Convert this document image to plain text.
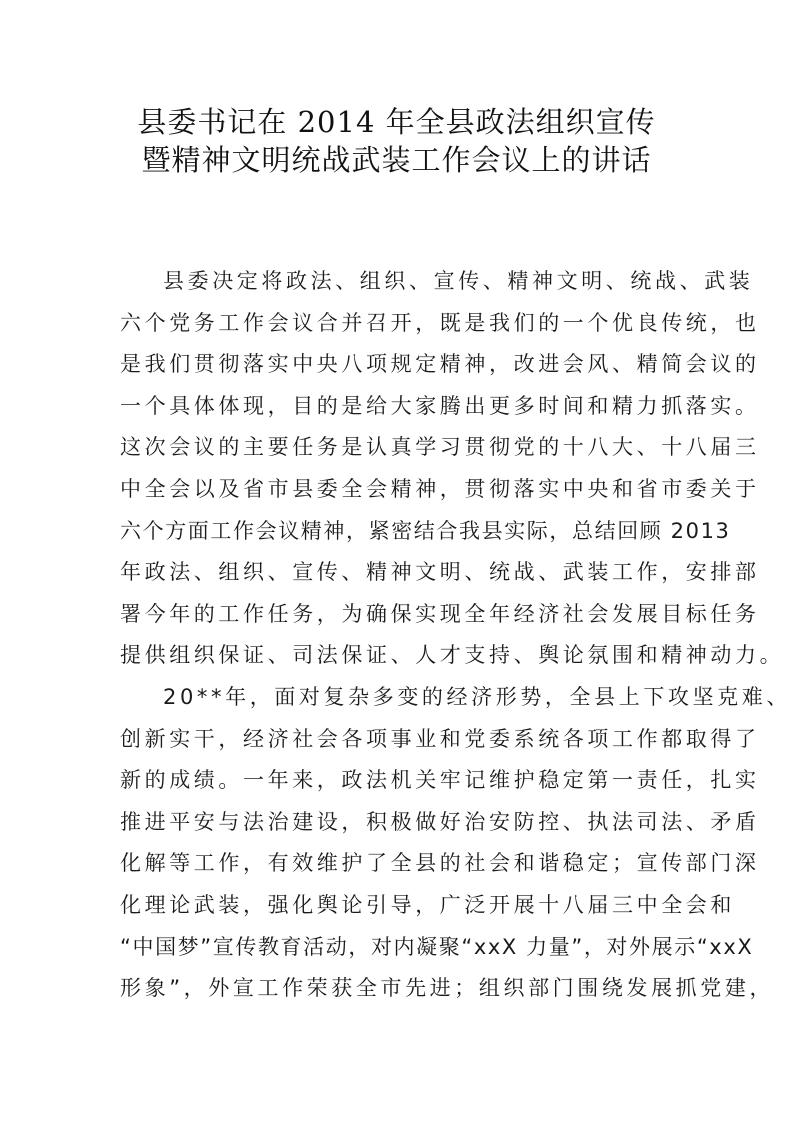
县委书记在 2014 年全县政法组织宣传
暨精神文明统战武装工作会议上的讲话
县委决定将政法、组织、宣传、精神文明、统战、武装
六个党务工作会议合并召开，既是我们的一个优良传统，也
是我们贯彻落实中央八项规定精神，改进会风、精简会议的
一个具体体现，目的是给大家腾出更多时间和精力抓落实。
这次会议的主要任务是认真学习贯彻党的十八大、十八届三
中全会以及省市县委全会精神，贯彻落实中央和省市委关于
六个方面工作会议精神，紧密结合我县实际，总结回顾 2013
年政法、组织、宣传、精神文明、统战、武装工作，安排部
署今年的工作任务，为确保实现全年经济社会发展目标任务
提供组织保证、司法保证、人才支持、舆论氛围和精神动力。
20**年，面对复杂多变的经济形势，全县上下攻坚克难、
创新实干，经济社会各项事业和党委系统各项工作都取得了
新的成绩。一年来，政法机关牢记维护稳定第一责任，扎实
推进平安与法治建设，积极做好治安防控、执法司法、矛盾
化解等工作，有效维护了全县的社会和谐稳定；宣传部门深
化理论武装，强化舆论引导，广泛开展十八届三中全会和
“中国梦”宣传教育活动，对内凝聚“xxX 力量”，对外展示“xxX
形象”，外宣工作荣获全市先进；组织部门围绕发展抓党建，
